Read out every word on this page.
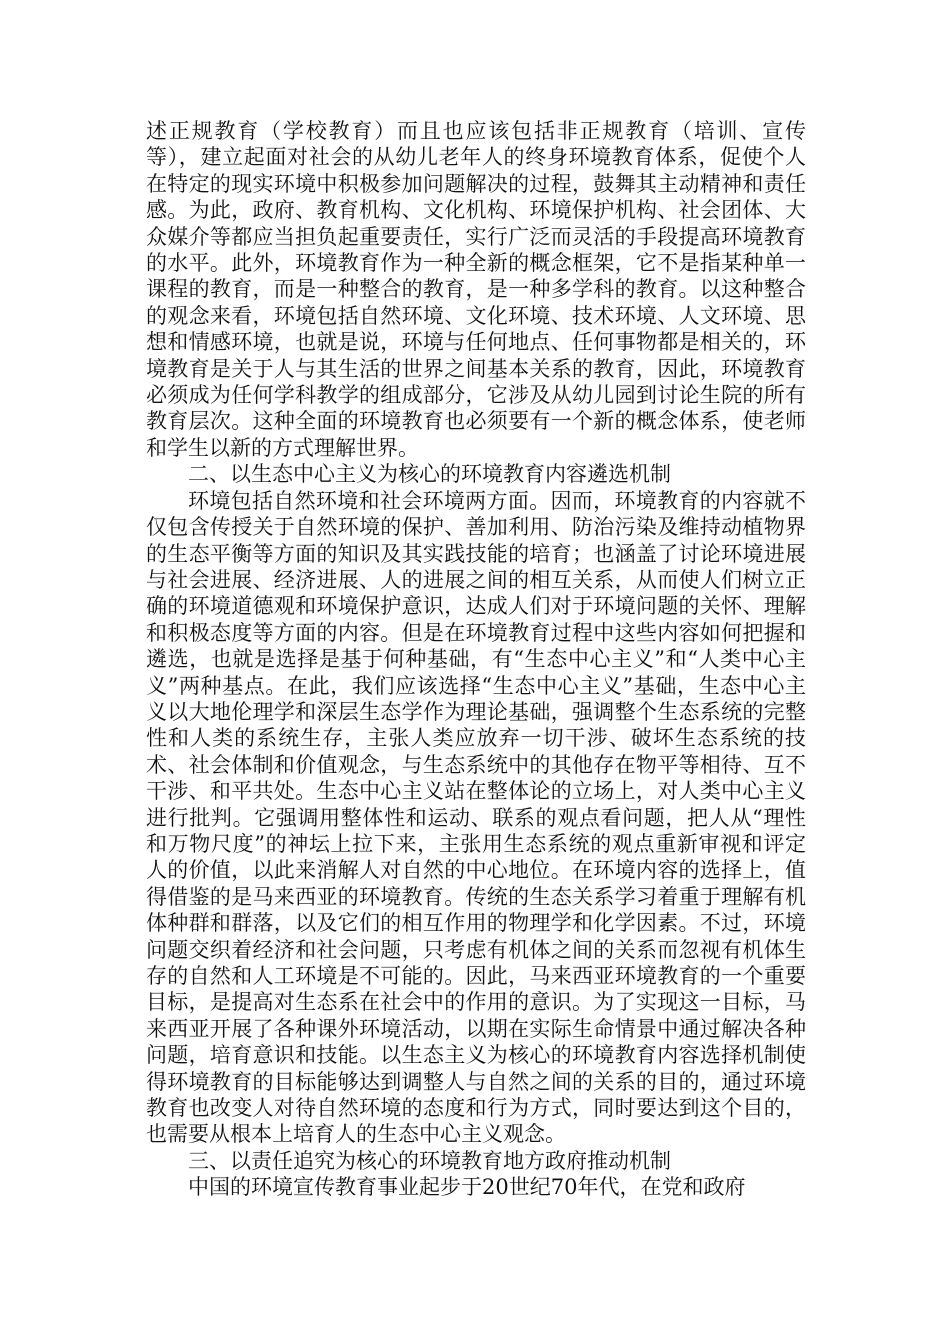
述正规教育（学校教育）而且也应该包括非正规教育（培训、宣传等），建立起面对社会的从幼儿老年人的终身环境教育体系，促使个人在特定的现实环境中积极参加问题解决的过程，鼓舞其主动精神和责任感。为此，政府、教育机构、文化机构、环境保护机构、社会团体、大众媒介等都应当担负起重要责任，实行广泛而灵活的手段提高环境教育的水平。此外，环境教育作为一种全新的概念框架，它不是指某种单一课程的教育，而是一种整合的教育，是一种多学科的教育。以这种整合的观念来看，环境包括自然环境、文化环境、技术环境、人文环境、思想和情感环境，也就是说，环境与任何地点、任何事物都是相关的，环境教育是关于人与其生活的世界之间基本关系的教育，因此，环境教育必须成为任何学科教学的组成部分，它涉及从幼儿园到讨论生院的所有教育层次。这种全面的环境教育也必须要有一个新的概念体系，使老师和学生以新的方式理解世界。

二、以生态中心主义为核心的环境教育内容遴选机制

环境包括自然环境和社会环境两方面。因而，环境教育的内容就不仅包含传授关于自然环境的保护、善加利用、防治污染及维持动植物界的生态平衡等方面的知识及其实践技能的培育；也涵盖了讨论环境进展与社会进展、经济进展、人的进展之间的相互关系，从而使人们树立正确的环境道德观和环境保护意识，达成人们对于环境问题的关怀、理解和积极态度等方面的内容。但是在环境教育过程中这些内容如何把握和遴选，也就是选择是基于何种基础，有“生态中心主义”和“人类中心主义”两种基点。在此，我们应该选择“生态中心主义”基础，生态中心主义以大地伦理学和深层生态学作为理论基础，强调整个生态系统的完整性和人类的系统生存，主张人类应放弃一切干涉、破坏生态系统的技术、社会体制和价值观念，与生态系统中的其他存在物平等相待、互不干涉、和平共处。生态中心主义站在整体论的立场上，对人类中心主义进行批判。它强调用整体性和运动、联系的观点看问题，把人从“理性和万物尺度”的神坛上拉下来，主张用生态系统的观点重新审视和评定人的价值，以此来消解人对自然的中心地位。在环境内容的选择上，值得借鉴的是马来西亚的环境教育。传统的生态关系学习着重于理解有机体种群和群落，以及它们的相互作用的物理学和化学因素。不过，环境问题交织着经济和社会问题，只考虑有机体之间的关系而忽视有机体生存的自然和人工环境是不可能的。因此，马来西亚环境教育的一个重要目标，是提高对生态系在社会中的作用的意识。为了实现这一目标，马来西亚开展了各种课外环境活动，以期在实际生命情景中通过解决各种问题，培育意识和技能。以生态主义为核心的环境教育内容选择机制使得环境教育的目标能够达到调整人与自然之间的关系的目的，通过环境教育也改变人对待自然环境的态度和行为方式，同时要达到这个目的，也需要从根本上培育人的生态中心主义观念。

三、以责任追究为核心的环境教育地方政府推动机制

中国的环境宣传教育事业起步于20世纪70年代，在党和政府
